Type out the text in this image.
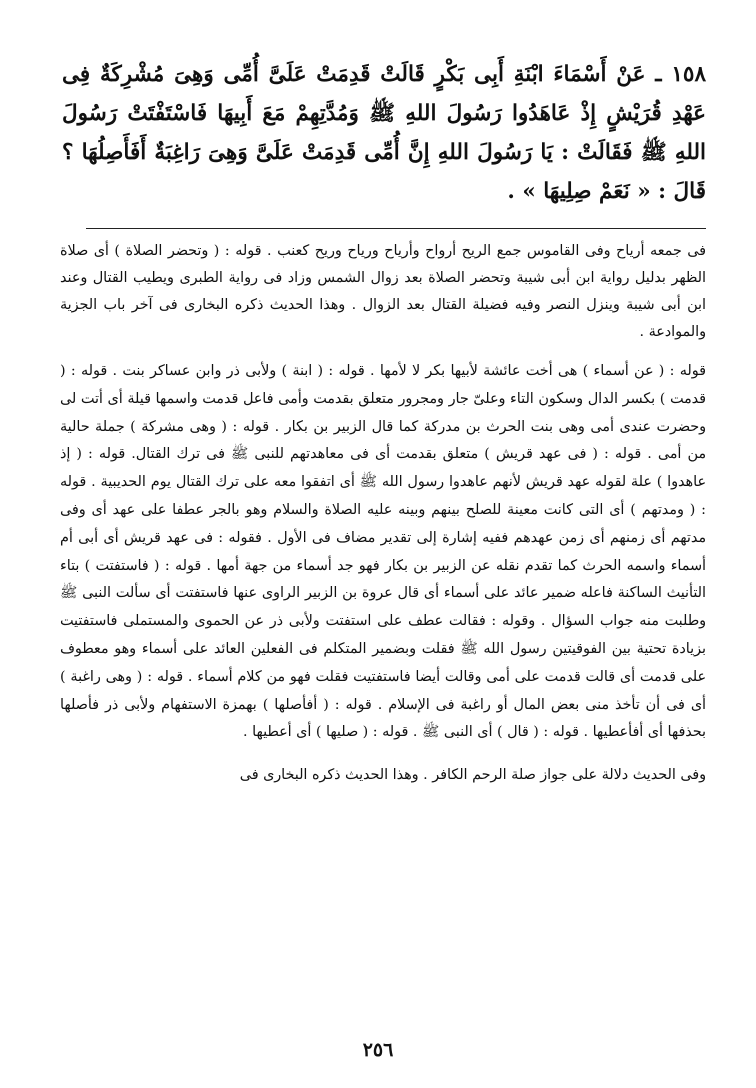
١٥٨ ـ عَنْ أَسْمَاءَ ابْنَةِ أَبِى بَكْرٍ قَالَتْ قَدِمَتْ عَلَىَّ أُمِّى وَهِىَ مُشْرِكَةٌ فِى عَهْدِ قُرَيْشٍ إِذْ عَاهَدُوا رَسُولَ اللهِ ﷺ وَمُدَّتِهِمْ مَعَ أَبِيهَا فَاسْتَفْتَتْ رَسُولَ اللهِ ﷺ فَقَالَتْ : يَا رَسُولَ اللهِ إِنَّ أُمِّى قَدِمَتْ عَلَىَّ وَهِىَ رَاغِبَةٌ أَفَأَصِلُهَا ؟ قَالَ : « نَعَمْ صِلِيهَا » .

فى جمعه أرياح وفى القاموس جمع الريح أرواح وأرياح ورياح وريح كعنب . قوله : ( وتحضر الصلاة ) أى صلاة الظهر بدليل رواية ابن أبى شيبة وتحضر الصلاة بعد زوال الشمس وزاد فى رواية الطبرى ويطيب القتال وعند ابن أبى شيبة وينزل النصر وفيه فضيلة القتال بعد الزوال . وهذا الحديث ذكره البخارى فى آخر باب الجزية والموادعة .

قوله : ( عن أسماء ) هى أخت عائشة لأبيها بكر لا لأمها . قوله : ( ابنة ) ولأبى ذر وابن عساكر بنت . قوله : ( قدمت ) بكسر الدال وسكون التاء وعلىّ جار ومجرور متعلق بقدمت وأمى فاعل قدمت واسمها قيلة أى أتت لى وحضرت عندى أمى وهى بنت الحرث بن مدركة كما قال الزبير بن بكار . قوله : ( وهى مشركة ) جملة حالية من أمى . قوله : ( فى عهد قريش ) متعلق بقدمت أى فى معاهدتهم للنبى ﷺ فى ترك القتال. قوله : ( إذ عاهدوا ) علة لقوله عهد قريش لأنهم عاهدوا رسول الله ﷺ أى اتفقوا معه على ترك القتال يوم الحديبية . قوله : ( ومدتهم ) أى التى كانت معينة للصلح بينهم وبينه عليه الصلاة والسلام وهو بالجر عطفا على عهد أى وفى مدتهم أى زمنهم أى زمن عهدهم ففيه إشارة إلى تقدير مضاف فى الأول . فقوله : فى عهد قريش أى أبى أم أسماء واسمه الحرث كما تقدم نقله عن الزبير بن بكار فهو جد أسماء من جهة أمها . قوله : ( فاستفتت ) بتاء التأنيث الساكنة فاعله ضمير عائد على أسماء أى قال عروة بن الزبير الراوى عنها فاستفتت أى سألت النبى ﷺ وطلبت منه جواب السؤال . وقوله : فقالت عطف على استفتت ولأبى ذر عن الحموى والمستملى فاستفتيت بزيادة تحتية بين الفوقيتين رسول الله ﷺ فقلت وبضمير المتكلم فى الفعلين العائد على أسماء وهو معطوف على قدمت أى قالت قدمت على أمى وقالت أيضا فاستفتيت فقلت فهو من كلام أسماء . قوله : ( وهى راغبة ) أى فى أن تأخذ منى بعض المال أو راغبة فى الإسلام . قوله : ( أفأصلها ) بهمزة الاستفهام ولأبى ذر فأصلها بحذفها أى أفأعطيها . قوله : ( قال ) أى النبى ﷺ . قوله : ( صليها ) أى أعطيها .

وفى الحديث دلالة على جواز صلة الرحم الكافر . وهذا الحديث ذكره البخارى فى

٢٥٦
